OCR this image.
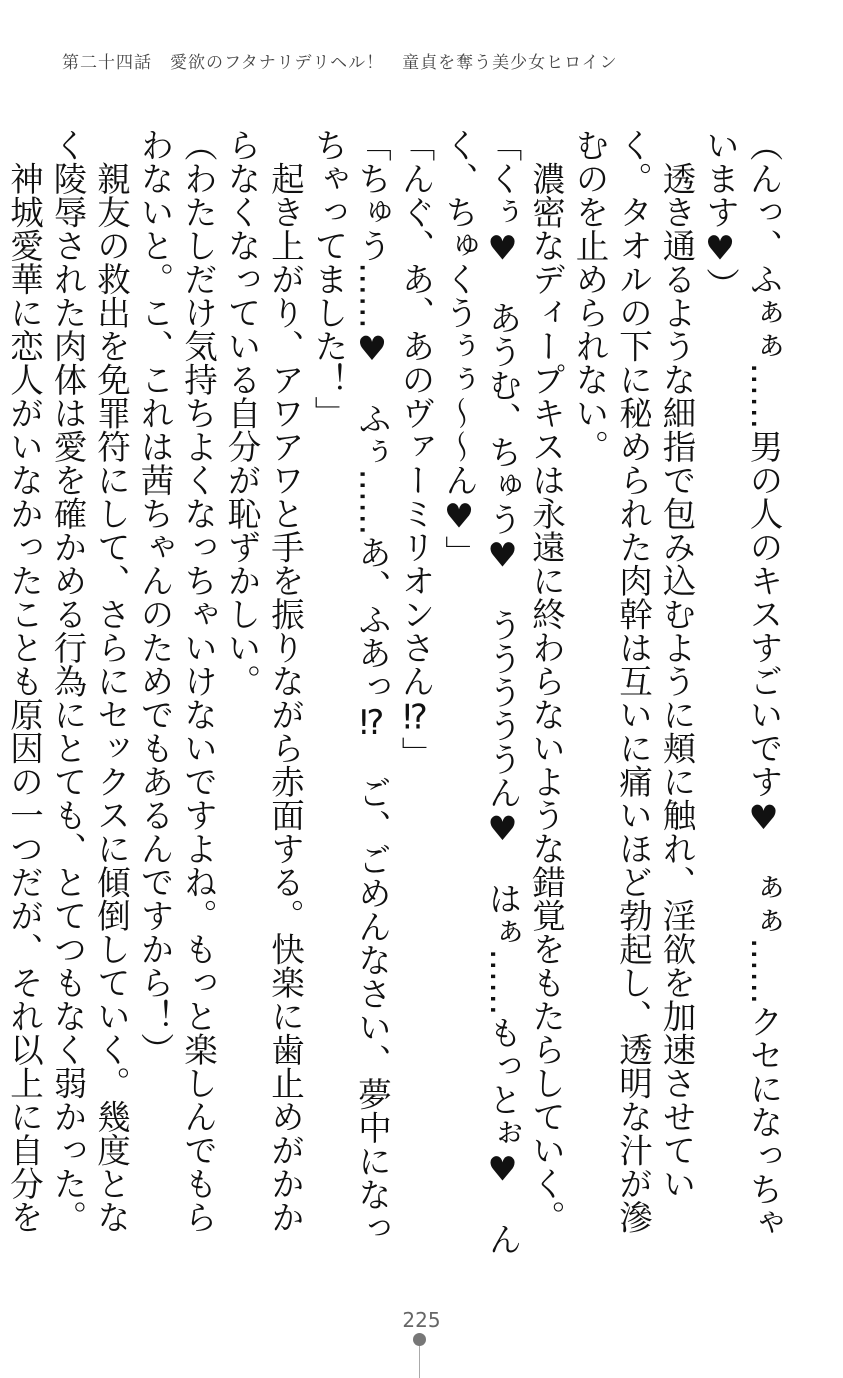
第二十四話　愛欲のフタナリデリヘル！　童貞を奪う美少女ヒロイン

（んっ、ふぁぁ……男の人のキスすごいです♥　ぁぁ……クセになっちゃいます♥）

　透き通るような細指で包み込むように頬に触れ、淫欲を加速させていく。タオルの下に秘められた肉幹は互いに痛いほど勃起し、透明な汁が滲むのを止められない。

　濃密なディープキスは永遠に終わらないような錯覚をもたらしていく。

「くぅ♥　あうむ、ちゅう♥　うううううん♥　はぁ……もっとぉ♥　んく、ちゅくうぅぅ〜〜ん♥」

「んぐ、あ、あのヴァーミリオンさん⁉」

「ちゅう……♥　ふぅ……あ、ふあっ⁉　ご、ごめんなさい、夢中になっちゃってました！」

　起き上がり、アワアワと手を振りながら赤面する。快楽に歯止めがかからなくなっている自分が恥ずかしい。

（わたしだけ気持ちよくなっちゃいけないですよね。もっと楽しんでもらわないと。こ、これは茜ちゃんのためでもあるんですから！）

　親友の救出を免罪符にして、さらにセックスに傾倒していく。幾度となく陵辱された肉体は愛を確かめる行為にとても、とてつもなく弱かった。

　神城愛華に恋人がいなかったことも原因の一つだが、それ以上に自分を

225
